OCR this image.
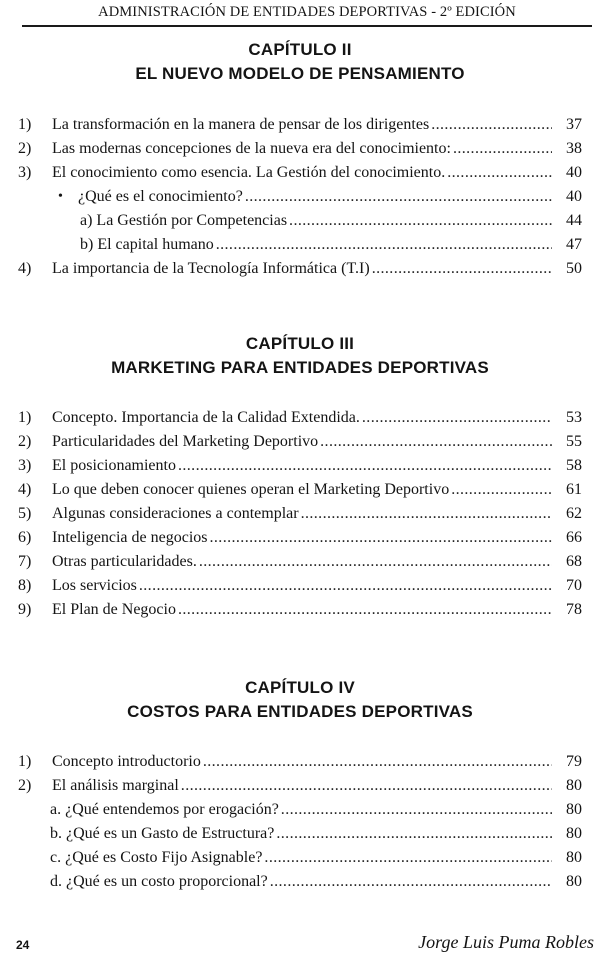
ADMINISTRACIÓN DE ENTIDADES DEPORTIVAS - 2º EDICIÓN
CAPÍTULO II
EL NUEVO MODELO DE PENSAMIENTO
1)	La transformación en la manera de pensar de los dirigentes .....	37
2)	Las modernas concepciones de la nueva era del conocimiento: .....	38
3)	El conocimiento como esencia. La Gestión del conocimiento. .....	40
• ¿Qué es el conocimiento? .....	40
a) La Gestión por Competencias .....	44
b) El capital humano .....	47
4)	La importancia de la Tecnología Informática (T.I) .....	50
CAPÍTULO III
MARKETING PARA ENTIDADES DEPORTIVAS
1)	Concepto. Importancia de la Calidad Extendida. .....	53
2)	Particularidades del Marketing Deportivo .....	55
3)	El posicionamiento .....	58
4)	Lo que deben conocer quienes operan el Marketing Deportivo .....	61
5)	Algunas consideraciones a contemplar .....	62
6)	Inteligencia de negocios .....	66
7)	Otras particularidades. .....	68
8)	Los servicios .....	70
9)	El Plan de Negocio .....	78
CAPÍTULO IV
COSTOS PARA ENTIDADES DEPORTIVAS
1)	Concepto introductorio .....	79
2)	El análisis marginal .....	80
a. ¿Qué entendemos por erogación? .....	80
b. ¿Qué es un Gasto de Estructura? .....	80
c. ¿Qué es Costo Fijo Asignable? .....	80
d. ¿Qué es un costo proporcional? .....	80
24	Jorge Luis Puma Robles
